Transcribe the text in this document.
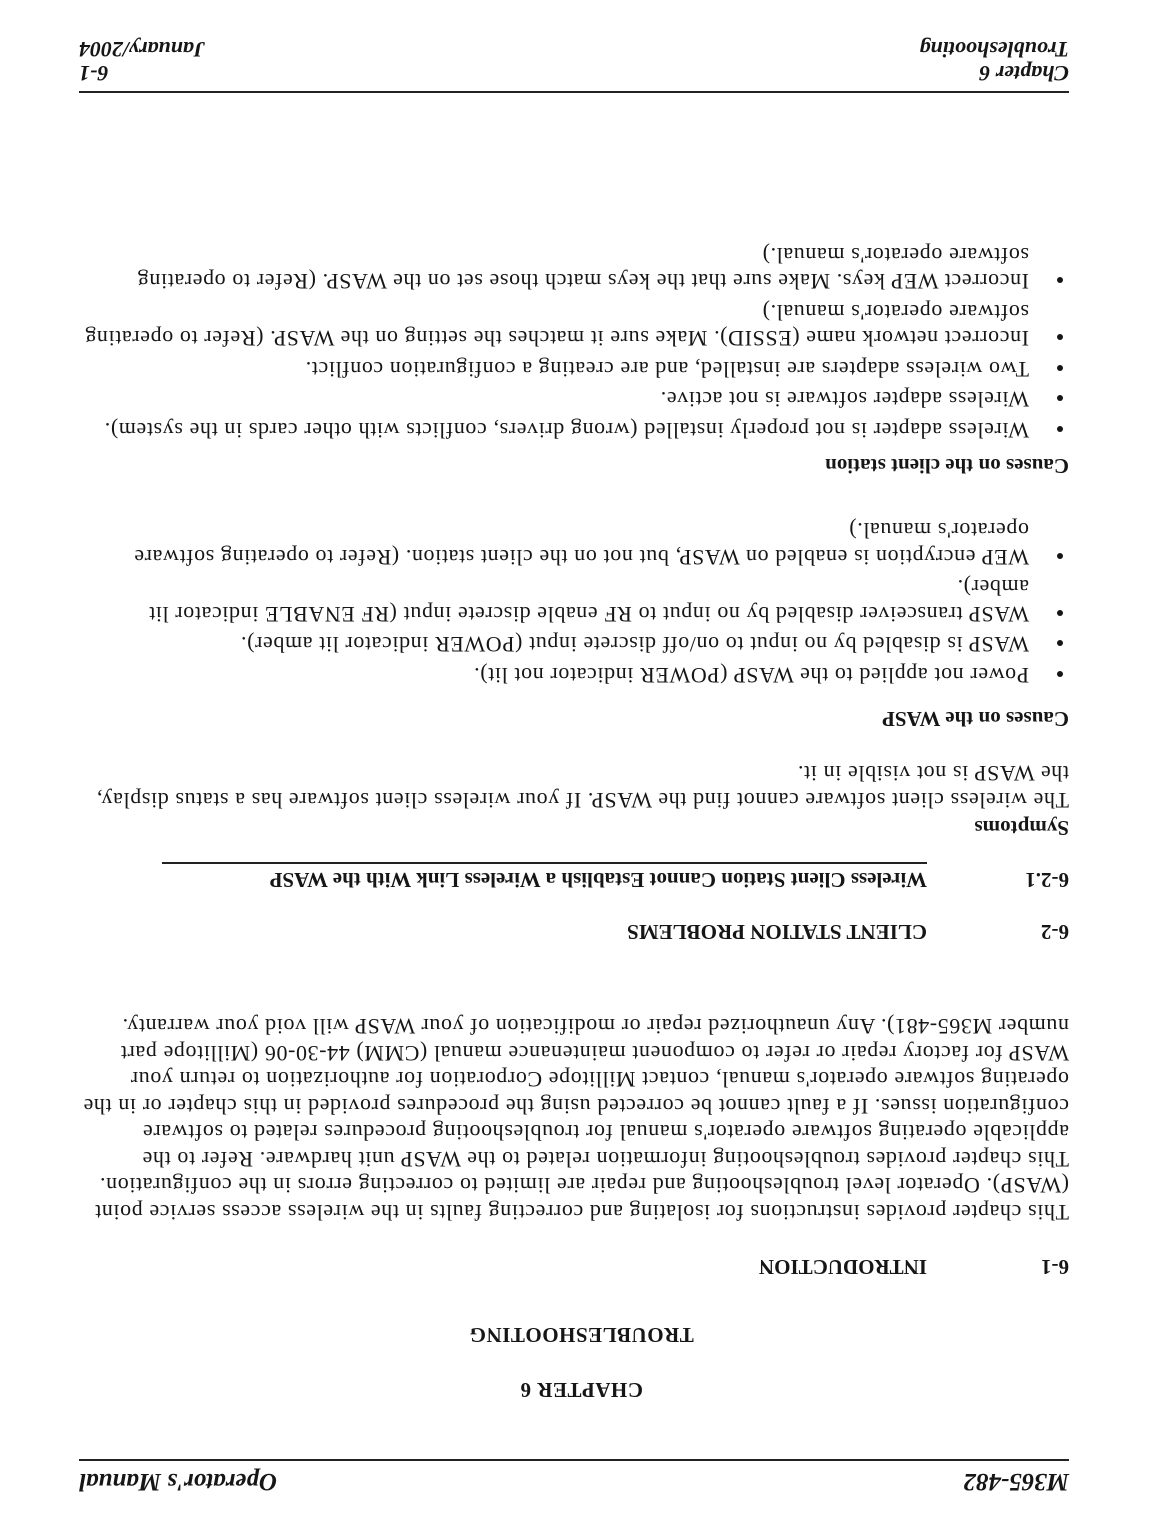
M365-482
Operator's Manual
CHAPTER 6
TROUBLESHOOTING
6-1
INTRODUCTION

This chapter provides instructions for isolating and correcting faults in the wireless access service point (WASP). Operator level troubleshooting and repair are limited to correcting errors in the configuration. This chapter provides troubleshooting information related to the WASP unit hardware. Refer to the applicable operating software operator's manual for troubleshooting procedures related to software configuration issues. If a fault cannot be corrected using the procedures provided in this chapter or in the operating software operator's manual, contact Millitope Corporation for authorization to return your WASP for factory repair or refer to component maintenance manual (CMM) 44-30-06 (Millitope part number M365-481). Any unauthorized repair or modification of your WASP will void your warranty.

6-2
CLIENT STATION PROBLEMS
6-2.1
Wireless Client Station Cannot Establish a Wireless Link With the WASP
Symptoms

The wireless client software cannot find the WASP. If your wireless client software has a status display, the WASP is not visible in it.

Causes on the WASP
Power not applied to the WASP (POWER indicator not lit).
WASP is disabled by no input to on/off discrete input (POWER indicator lit amber).
WASP transceiver disabled by no input to RF enable discrete input (RF ENABLE indicator lit amber).
WEP encryption is enabled on WASP, but not on the client station. (Refer to operating software operator's manual.)
Causes on the client station
Wireless adapter is not properly installed (wrong drivers, conflicts with other cards in the system).
Wireless adapter software is not active.
Two wireless adapters are installed, and are creating a configuration conflict.
Incorrect network name (ESSID). Make sure it matches the setting on the WASP. (Refer to operating software operator's manual.)
Incorrect WEP keys. Make sure that the keys match those set on the WASP. (Refer to operating software operator's manual.)
Chapter 6
Troubleshooting
6-1
January/2004
